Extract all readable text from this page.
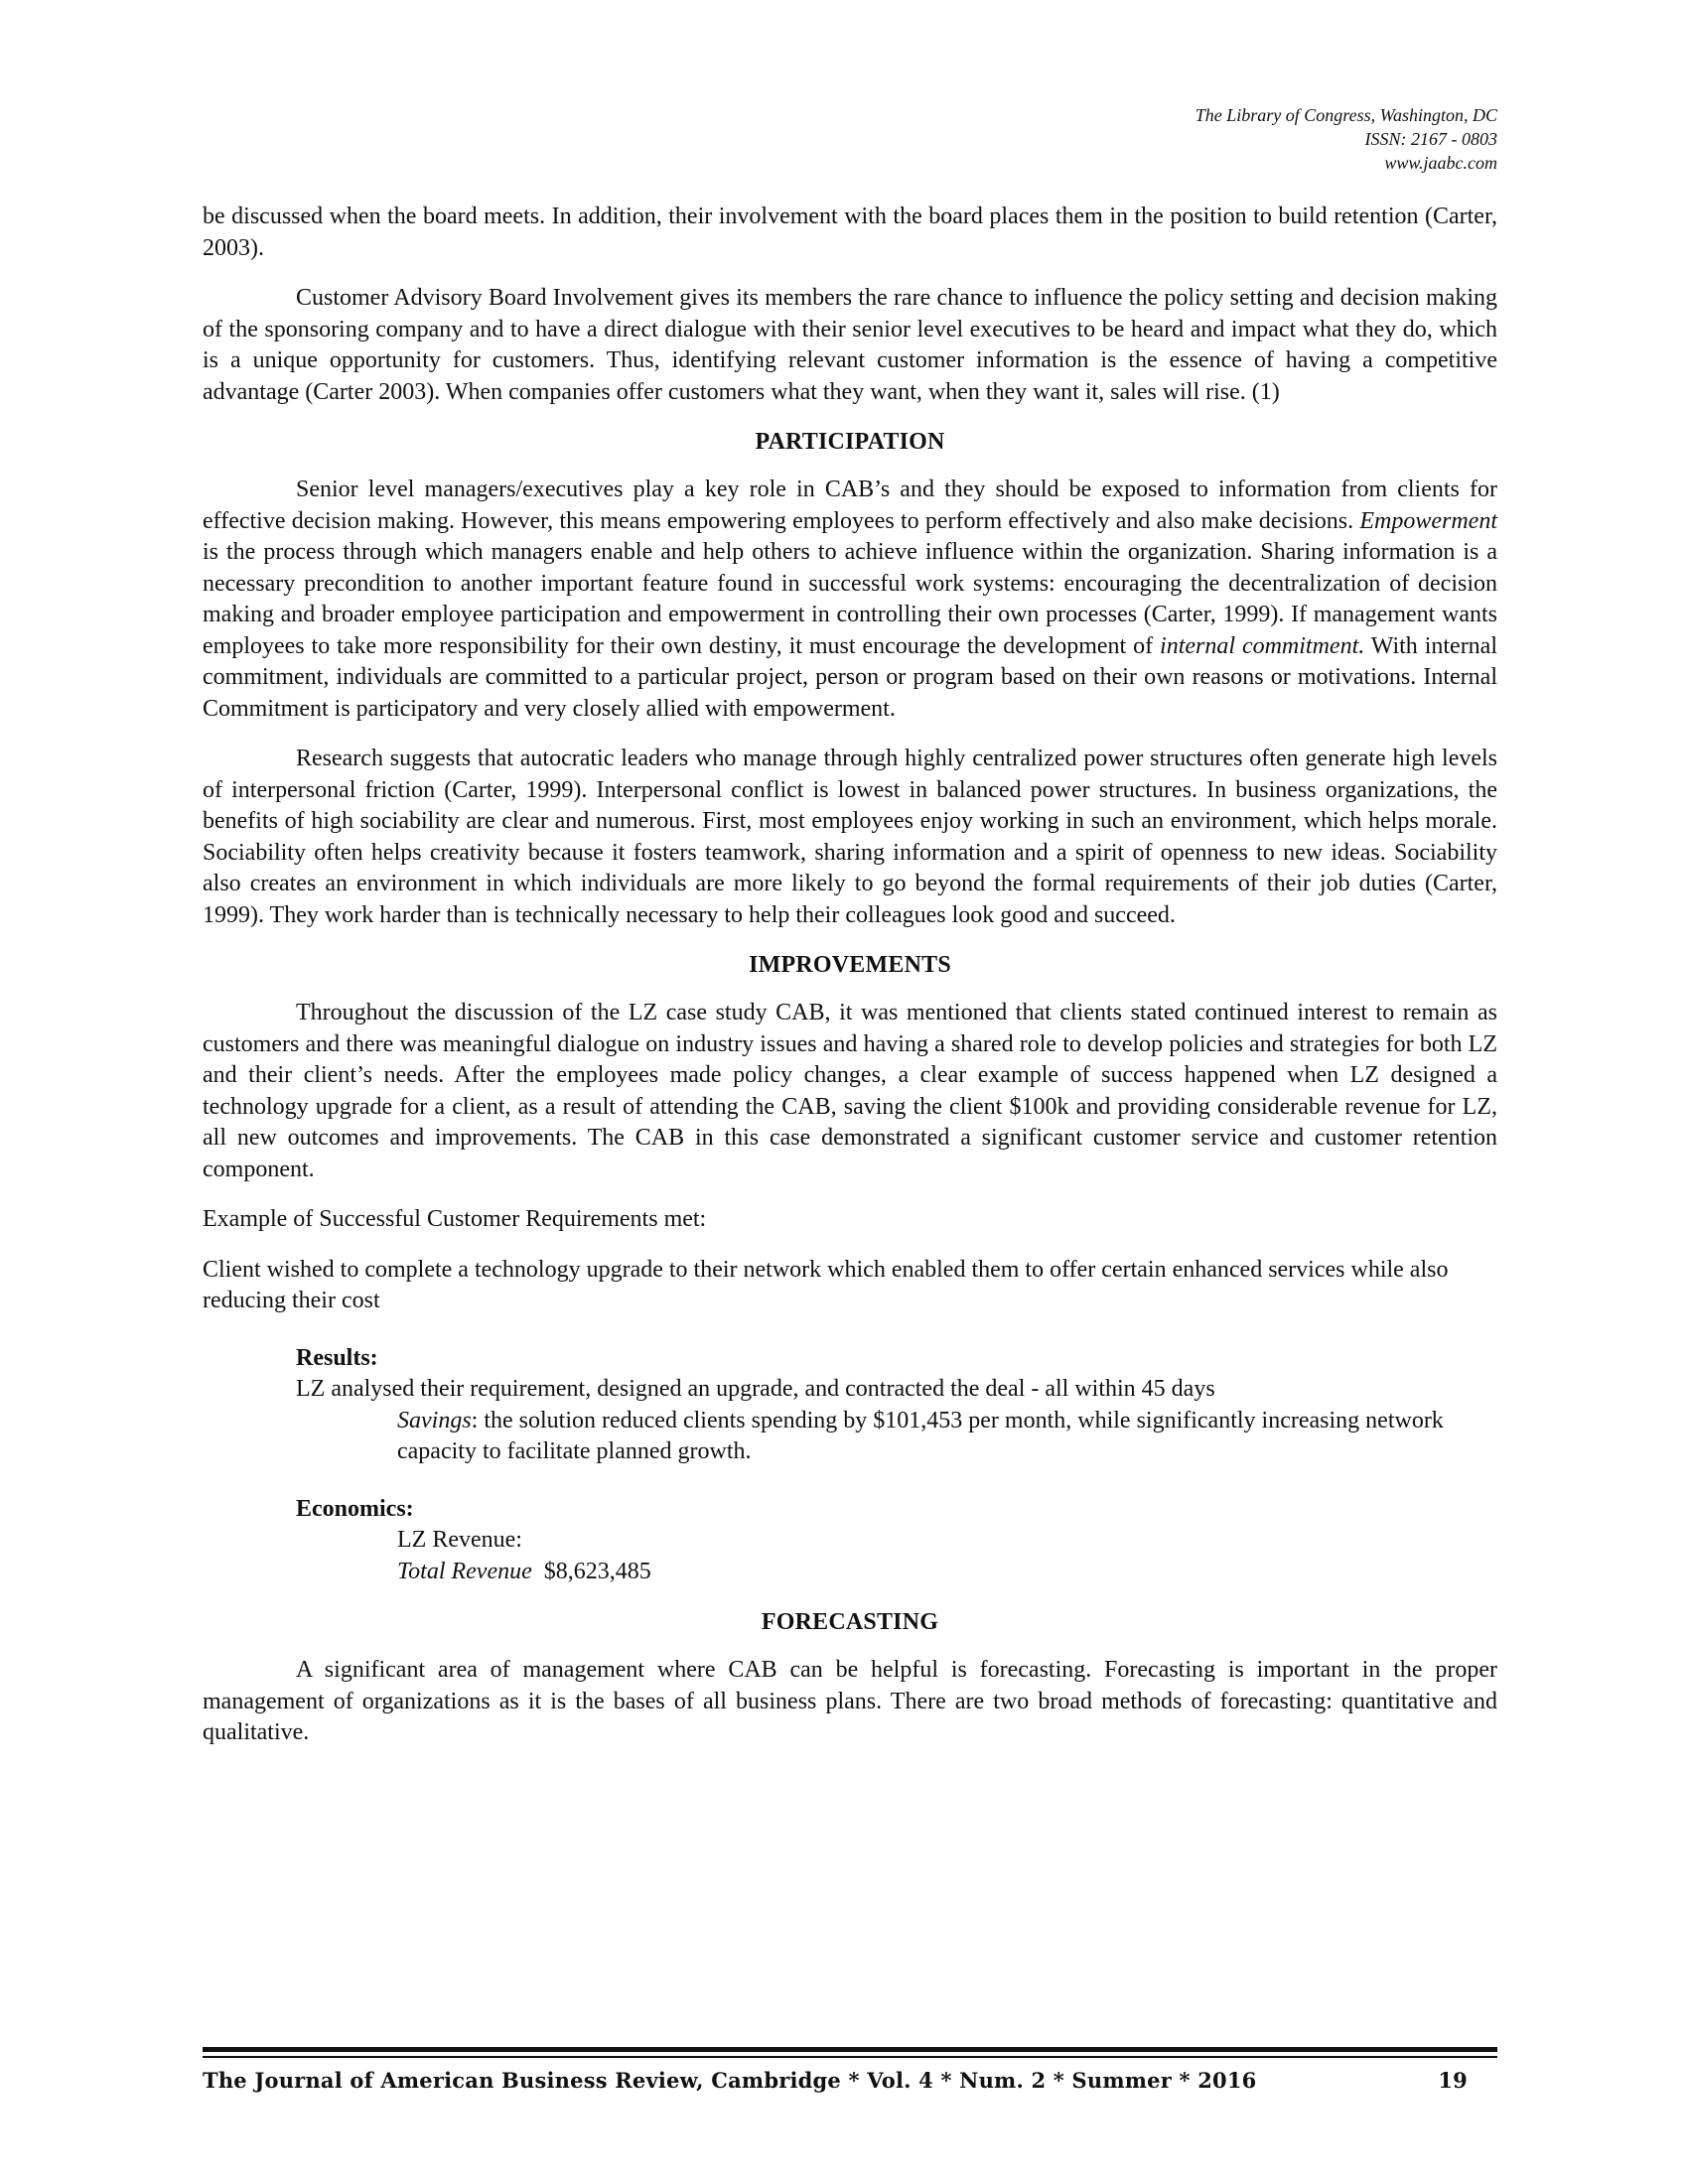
The Library of Congress, Washington, DC
ISSN: 2167 - 0803
www.jaabc.com

be discussed when the board meets. In addition, their involvement with the board places them in the position to build retention (Carter, 2003).

Customer Advisory Board Involvement gives its members the rare chance to influence the policy setting and decision making of the sponsoring company and to have a direct dialogue with their senior level executives to be heard and impact what they do, which is a unique opportunity for customers. Thus, identifying relevant customer information is the essence of having a competitive advantage (Carter 2003). When companies offer customers what they want, when they want it, sales will rise. (1)

PARTICIPATION

Senior level managers/executives play a key role in CAB’s and they should be exposed to information from clients for effective decision making. However, this means empowering employees to perform effectively and also make decisions. Empowerment is the process through which managers enable and help others to achieve influence within the organization. Sharing information is a necessary precondition to another important feature found in successful work systems: encouraging the decentralization of decision making and broader employee participation and empowerment in controlling their own processes (Carter, 1999). If management wants employees to take more responsibility for their own destiny, it must encourage the development of internal commitment. With internal commitment, individuals are committed to a particular project, person or program based on their own reasons or motivations. Internal Commitment is participatory and very closely allied with empowerment.

Research suggests that autocratic leaders who manage through highly centralized power structures often generate high levels of interpersonal friction (Carter, 1999). Interpersonal conflict is lowest in balanced power structures. In business organizations, the benefits of high sociability are clear and numerous. First, most employees enjoy working in such an environment, which helps morale. Sociability often helps creativity because it fosters teamwork, sharing information and a spirit of openness to new ideas. Sociability also creates an environment in which individuals are more likely to go beyond the formal requirements of their job duties (Carter, 1999). They work harder than is technically necessary to help their colleagues look good and succeed.

IMPROVEMENTS

Throughout the discussion of the LZ case study CAB, it was mentioned that clients stated continued interest to remain as customers and there was meaningful dialogue on industry issues and having a shared role to develop policies and strategies for both LZ and their client’s needs. After the employees made policy changes, a clear example of success happened when LZ designed a technology upgrade for a client, as a result of attending the CAB, saving the client $100k and providing considerable revenue for LZ, all new outcomes and improvements. The CAB in this case demonstrated a significant customer service and customer retention component.

Example of Successful Customer Requirements met:

Client wished to complete a technology upgrade to their network which enabled them to offer certain enhanced services while also reducing their cost

Results:
LZ analysed their requirement, designed an upgrade, and contracted the deal - all within 45 days
Savings: the solution reduced clients spending by $101,453 per month, while significantly increasing network capacity to facilitate planned growth.
Economics:
LZ Revenue:
Total Revenue  $8,623,485
FORECASTING

A significant area of management where CAB can be helpful is forecasting. Forecasting is important in the proper management of organizations as it is the bases of all business plans. There are two broad methods of forecasting: quantitative and qualitative.

The Journal of American Business Review, Cambridge * Vol. 4 * Num. 2 * Summer * 2016	19
